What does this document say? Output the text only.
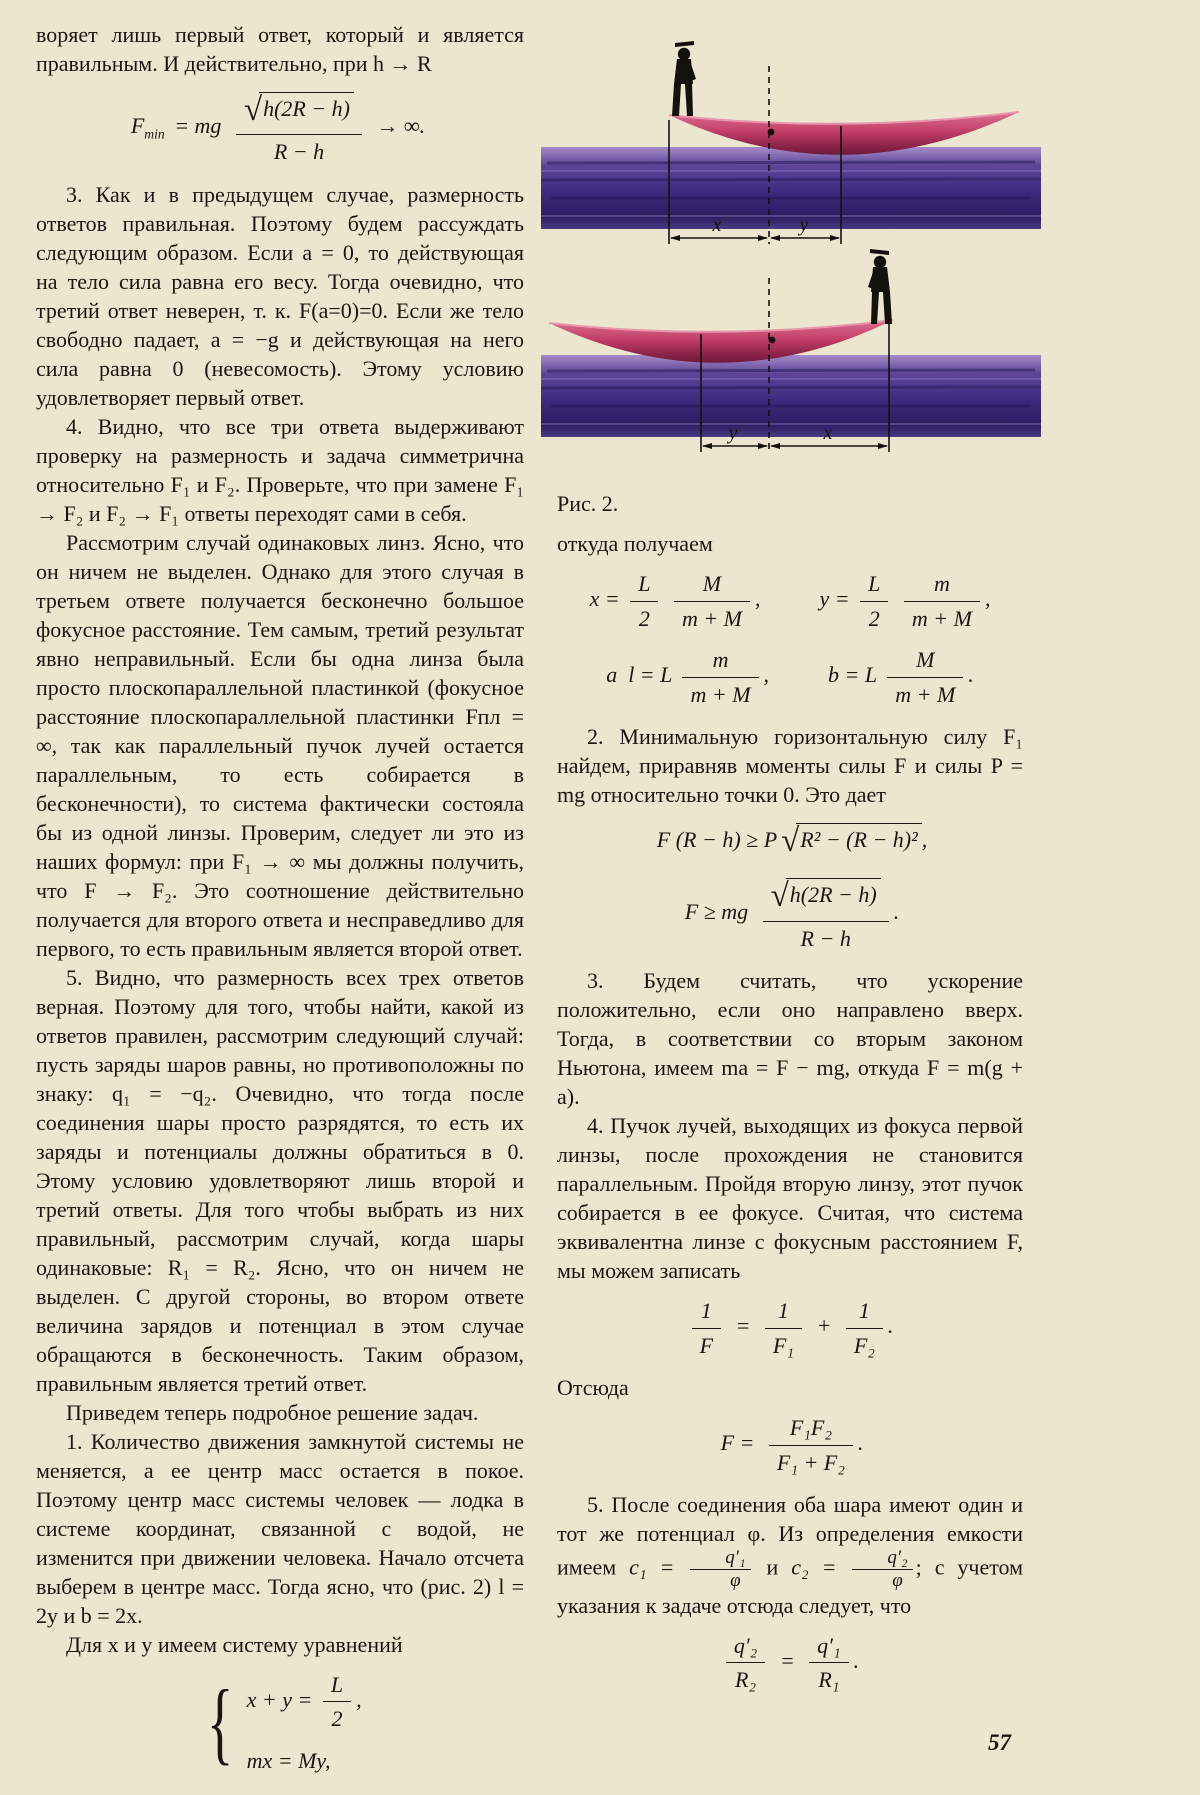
воряет лишь первый ответ, который и является правильным. И действительно, при h → R

$F_{min}$ = mg $\frac{√h(2R - h)}{R - h}$ → ∞.

3. Как и в предыдущем случае, размерность ответов правильная. Поэтому будем рассуждать следующим образом. Если a = 0, то действующая на тело сила равна его весу. Тогда очевидно, что третий ответ неверен, т. к. F(a=0)=0. Если же тело свободно падает, a = −g и действующая на него сила равна 0 (невесомость). Этому условию удовлетворяет первый ответ.

4. Видно, что все три ответа выдерживают проверку на размерность и задача симметрична относительно F₁ и F₂. Проверьте, что при замене F₁ → F₂ и F₂ → F₁ ответы переходят сами в себя.

Рассмотрим случай одинаковых линз. Ясно, что он ничем не выделен. Однако для этого случая в третьем ответе получается бесконечно большое фокусное расстояние. Тем самым, третий результат явно неправильный. Если бы одна линза была просто плоскопараллельной пластинкой (фокусное расстояние плоскопараллельной пластинки Fпл = ∞, так как параллельный пучок лучей остается параллельным, то есть собирается в бесконечности), то система фактически состояла бы из одной линзы. Проверим, следует ли это из наших формул: при F₁ → ∞ мы должны получить, что F → F₂. Это соотношение действительно получается для второго ответа и несправедливо для первого, то есть правильным является второй ответ.

5. Видно, что размерность всех трех ответов верная. Поэтому для того, чтобы найти, какой из ответов правилен, рассмотрим следующий случай: пусть заряды шаров равны, но противоположны по знаку: q₁ = −q₂. Очевидно, что тогда после соединения шары просто разрядятся, то есть их заряды и потенциалы должны обратиться в 0. Этому условию удовлетворяют лишь второй и третий ответы. Для того чтобы выбрать из них правильный, рассмотрим случай, когда шары одинаковые: R₁ = R₂. Ясно, что он ничем не выделен. С другой стороны, во втором ответе величина зарядов и потенциал в этом случае обращаются в бесконечность. Таким образом, правильным является третий ответ.

Приведем теперь подробное решение задач.

1. Количество движения замкнутой системы не меняется, а ее центр масс остается в покое. Поэтому центр масс системы человек — лодка в системе координат, связанной с водой, не изменится при движении человека. Начало отсчета выберем в центре масс. Тогда ясно, что (рис. 2) l = 2y и b = 2x.

Для x и y имеем систему уравнений

{ $x + y = \frac{L}{2}$ ,
mx = My,
x	y
y	x

Рис. 2.

откуда получаем

$x = \frac{L}{2}$
$\frac{M}{m + M}$ ,	$y = \frac{L}{2}$
$\frac{m}{m + M}$ ,
а l = L $\frac{m}{m + M}$ ,	b = L $\frac{M}{m + M}$ .

2. Минимальную горизонтальную силу F₁ найдем, приравняв моменты силы F и силы P = mg относительно точки 0. Это дает

F (R − h) ≥ P √R² − (R − h)² ,
F ≥ mg $\frac{√h(2R - h)}{R - h}$ .

3. Будем считать, что ускорение положительно, если оно направлено вверх. Тогда, в соответствии со вторым законом Ньютона, имеем ma = F − mg, откуда F = m(g + a).

4. Пучок лучей, выходящих из фокуса первой линзы, после прохождения не становится параллельным. Пройдя вторую линзу, этот пучок собирается в ее фокусе. Считая, что система эквивалентна линзе с фокусным расстоянием F, мы можем записать

$\frac{1}{F} = \frac{1}{\text{F₁}} + \frac{1}{\text{F₂}}$ .

Отсюда

$F = \frac{\text{F₁F₂}}{\text{F₁ + F₂}}$ .

5. После соединения оба шара имеют один и тот же потенциал φ. Из определения емкости имеем $c_1 = \frac{\text{q′₁}}{\varphi}$ и $c_2 = \frac{\text{q′₂}}{\varphi}$ ; с учетом указания к задаче отсюда следует, что

$\frac{\text{q′₂}}{\text{R₂}} = \frac{\text{q′₁}}{\text{R₁}}$ .
57
